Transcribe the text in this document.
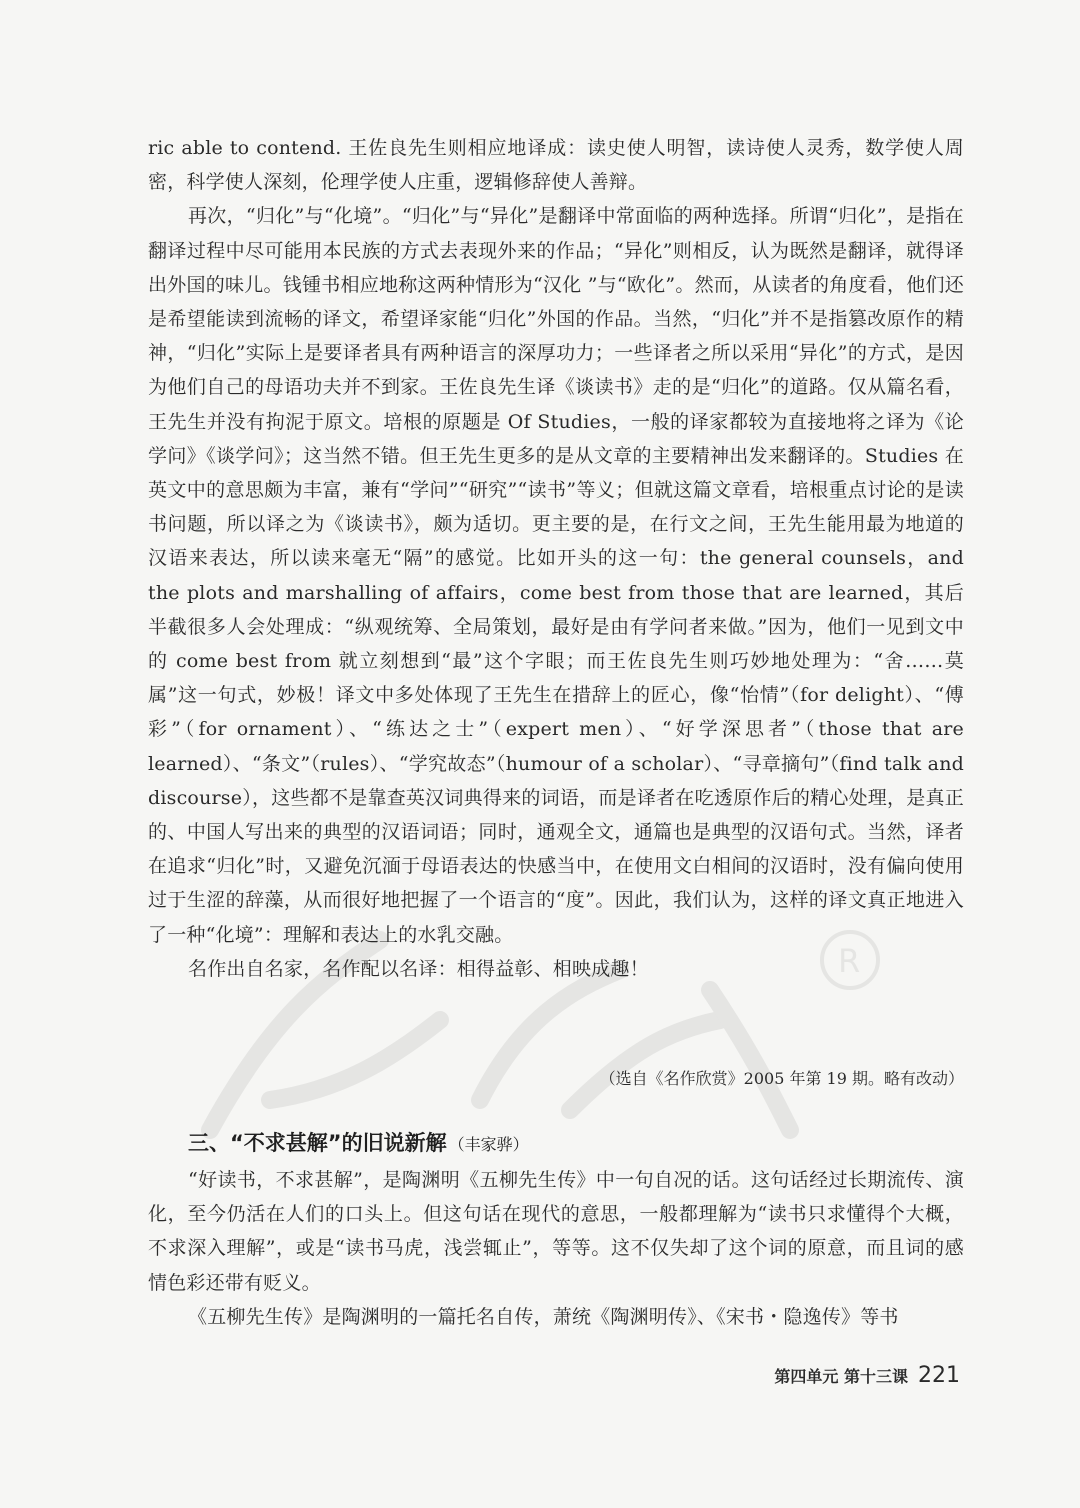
R

ric able to contend. 王佐良先生则相应地译成：读史使人明智，读诗使人灵秀，数学使人周密，科学使人深刻，伦理学使人庄重，逻辑修辞使人善辩。

再次，“归化”与“化境”。“归化”与“异化”是翻译中常面临的两种选择。所谓“归化”，是指在翻译过程中尽可能用本民族的方式去表现外来的作品；“异化”则相反，认为既然是翻译，就得译出外国的味儿。钱锺书相应地称这两种情形为“汉化 ”与“欧化”。然而，从读者的角度看，他们还是希望能读到流畅的译文，希望译家能“归化”外国的作品。当然，“归化”并不是指篡改原作的精神，“归化”实际上是要译者具有两种语言的深厚功力；一些译者之所以采用“异化”的方式，是因为他们自己的母语功夫并不到家。王佐良先生译《谈读书》走的是“归化”的道路。仅从篇名看，王先生并没有拘泥于原文。培根的原题是 Of Studies，一般的译家都较为直接地将之译为《论学问》《谈学问》；这当然不错。但王先生更多的是从文章的主要精神出发来翻译的。Studies 在英文中的意思颇为丰富，兼有“学问”“研究”“读书”等义；但就这篇文章看，培根重点讨论的是读书问题，所以译之为《谈读书》，颇为适切。更主要的是，在行文之间，王先生能用最为地道的汉语来表达，所以读来毫无“隔”的感觉。比如开头的这一句：the general counsels，and the plots and marshalling of affairs，come best from those that are learned，其后半截很多人会处理成：“纵观统筹、全局策划，最好是由有学问者来做。”因为，他们一见到文中的 come best from 就立刻想到“最”这个字眼；而王佐良先生则巧妙地处理为：“舍……莫属”这一句式，妙极！译文中多处体现了王先生在措辞上的匠心，像“怡情”（for delight）、“傅彩”（for ornament）、“练达之士”（expert men）、“好学深思者”（those that are learned）、“条文”（rules）、“学究故态”（humour of a scholar）、“寻章摘句”（find talk and discourse），这些都不是靠查英汉词典得来的词语，而是译者在吃透原作后的精心处理，是真正的、中国人写出来的典型的汉语词语；同时，通观全文，通篇也是典型的汉语句式。当然，译者在追求“归化”时，又避免沉湎于母语表达的快感当中，在使用文白相间的汉语时，没有偏向使用过于生涩的辞藻，从而很好地把握了一个语言的“度”。因此，我们认为，这样的译文真正地进入了一种“化境”：理解和表达上的水乳交融。

名作出自名家，名作配以名译：相得益彰、相映成趣！

（选自《名作欣赏》2005 年第 19 期。略有改动）
三、“不求甚解”的旧说新解 （丰家骅）

“好读书，不求甚解”，是陶渊明《五柳先生传》中一句自况的话。这句话经过长期流传、演化，至今仍活在人们的口头上。但这句话在现代的意思，一般都理解为“读书只求懂得个大概，不求深入理解”，或是“读书马虎，浅尝辄止”，等等。这不仅失却了这个词的原意，而且词的感情色彩还带有贬义。

《五柳先生传》是陶渊明的一篇托名自传，萧统《陶渊明传》、《宋书・隐逸传》等书

第四单元 第十三课 221
